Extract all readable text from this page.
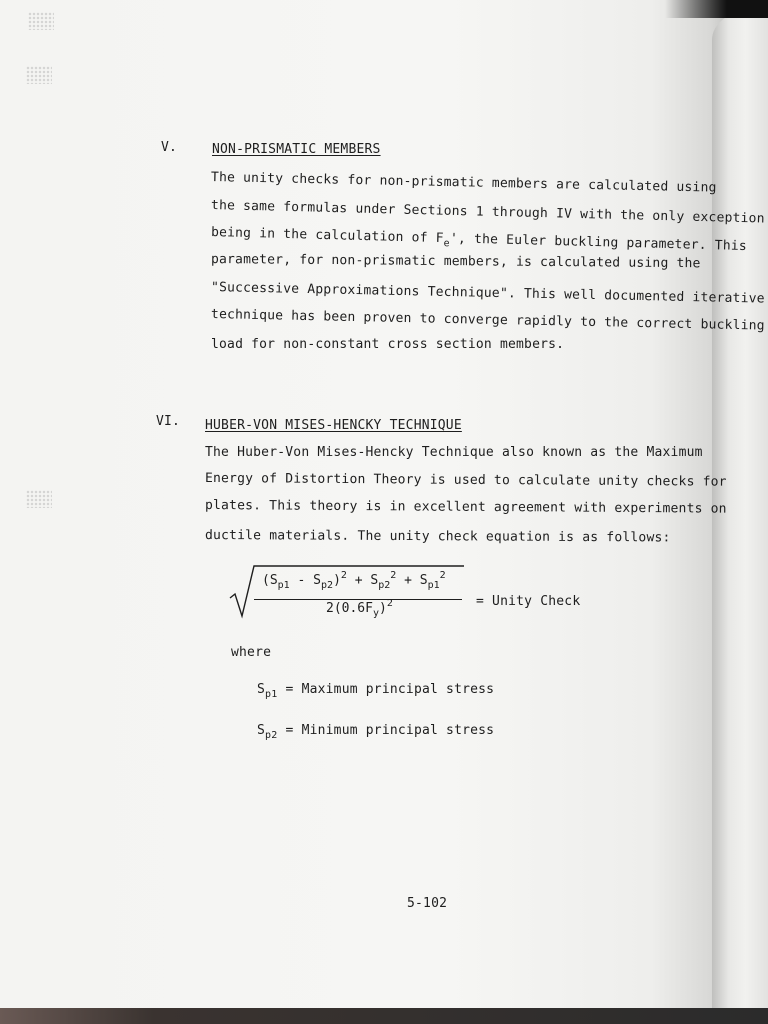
V.	NON-PRISMATIC MEMBERS
The unity checks for non-prismatic members are calculated using
the same formulas under Sections 1 through IV with the only exception
being in the calculation of $F_e'$, the Euler buckling parameter. This
parameter, for non-prismatic members, is calculated using the
"Successive Approximations Technique". This well documented iterative
technique has been proven to converge rapidly to the correct buckling
load for non-constant cross section members.
VI. HUBER-VON MISES-HENCKY TECHNIQUE
The Huber-Von Mises-Hencky Technique also known as the Maximum
Energy of Distortion Theory is used to calculate unity checks for
plates. This theory is in excellent agreement with experiments on
ductile materials. The unity check equation is as follows:
$(S_{p1} - S_{p2})^2 + S_{p2}^2 + S_{p1}^2$
$2(0.6F_y)^2$	= Unity Check
where
$S_{p1}$ = Maximum principal stress
$S_{p2}$ = Minimum principal stress
5-102
